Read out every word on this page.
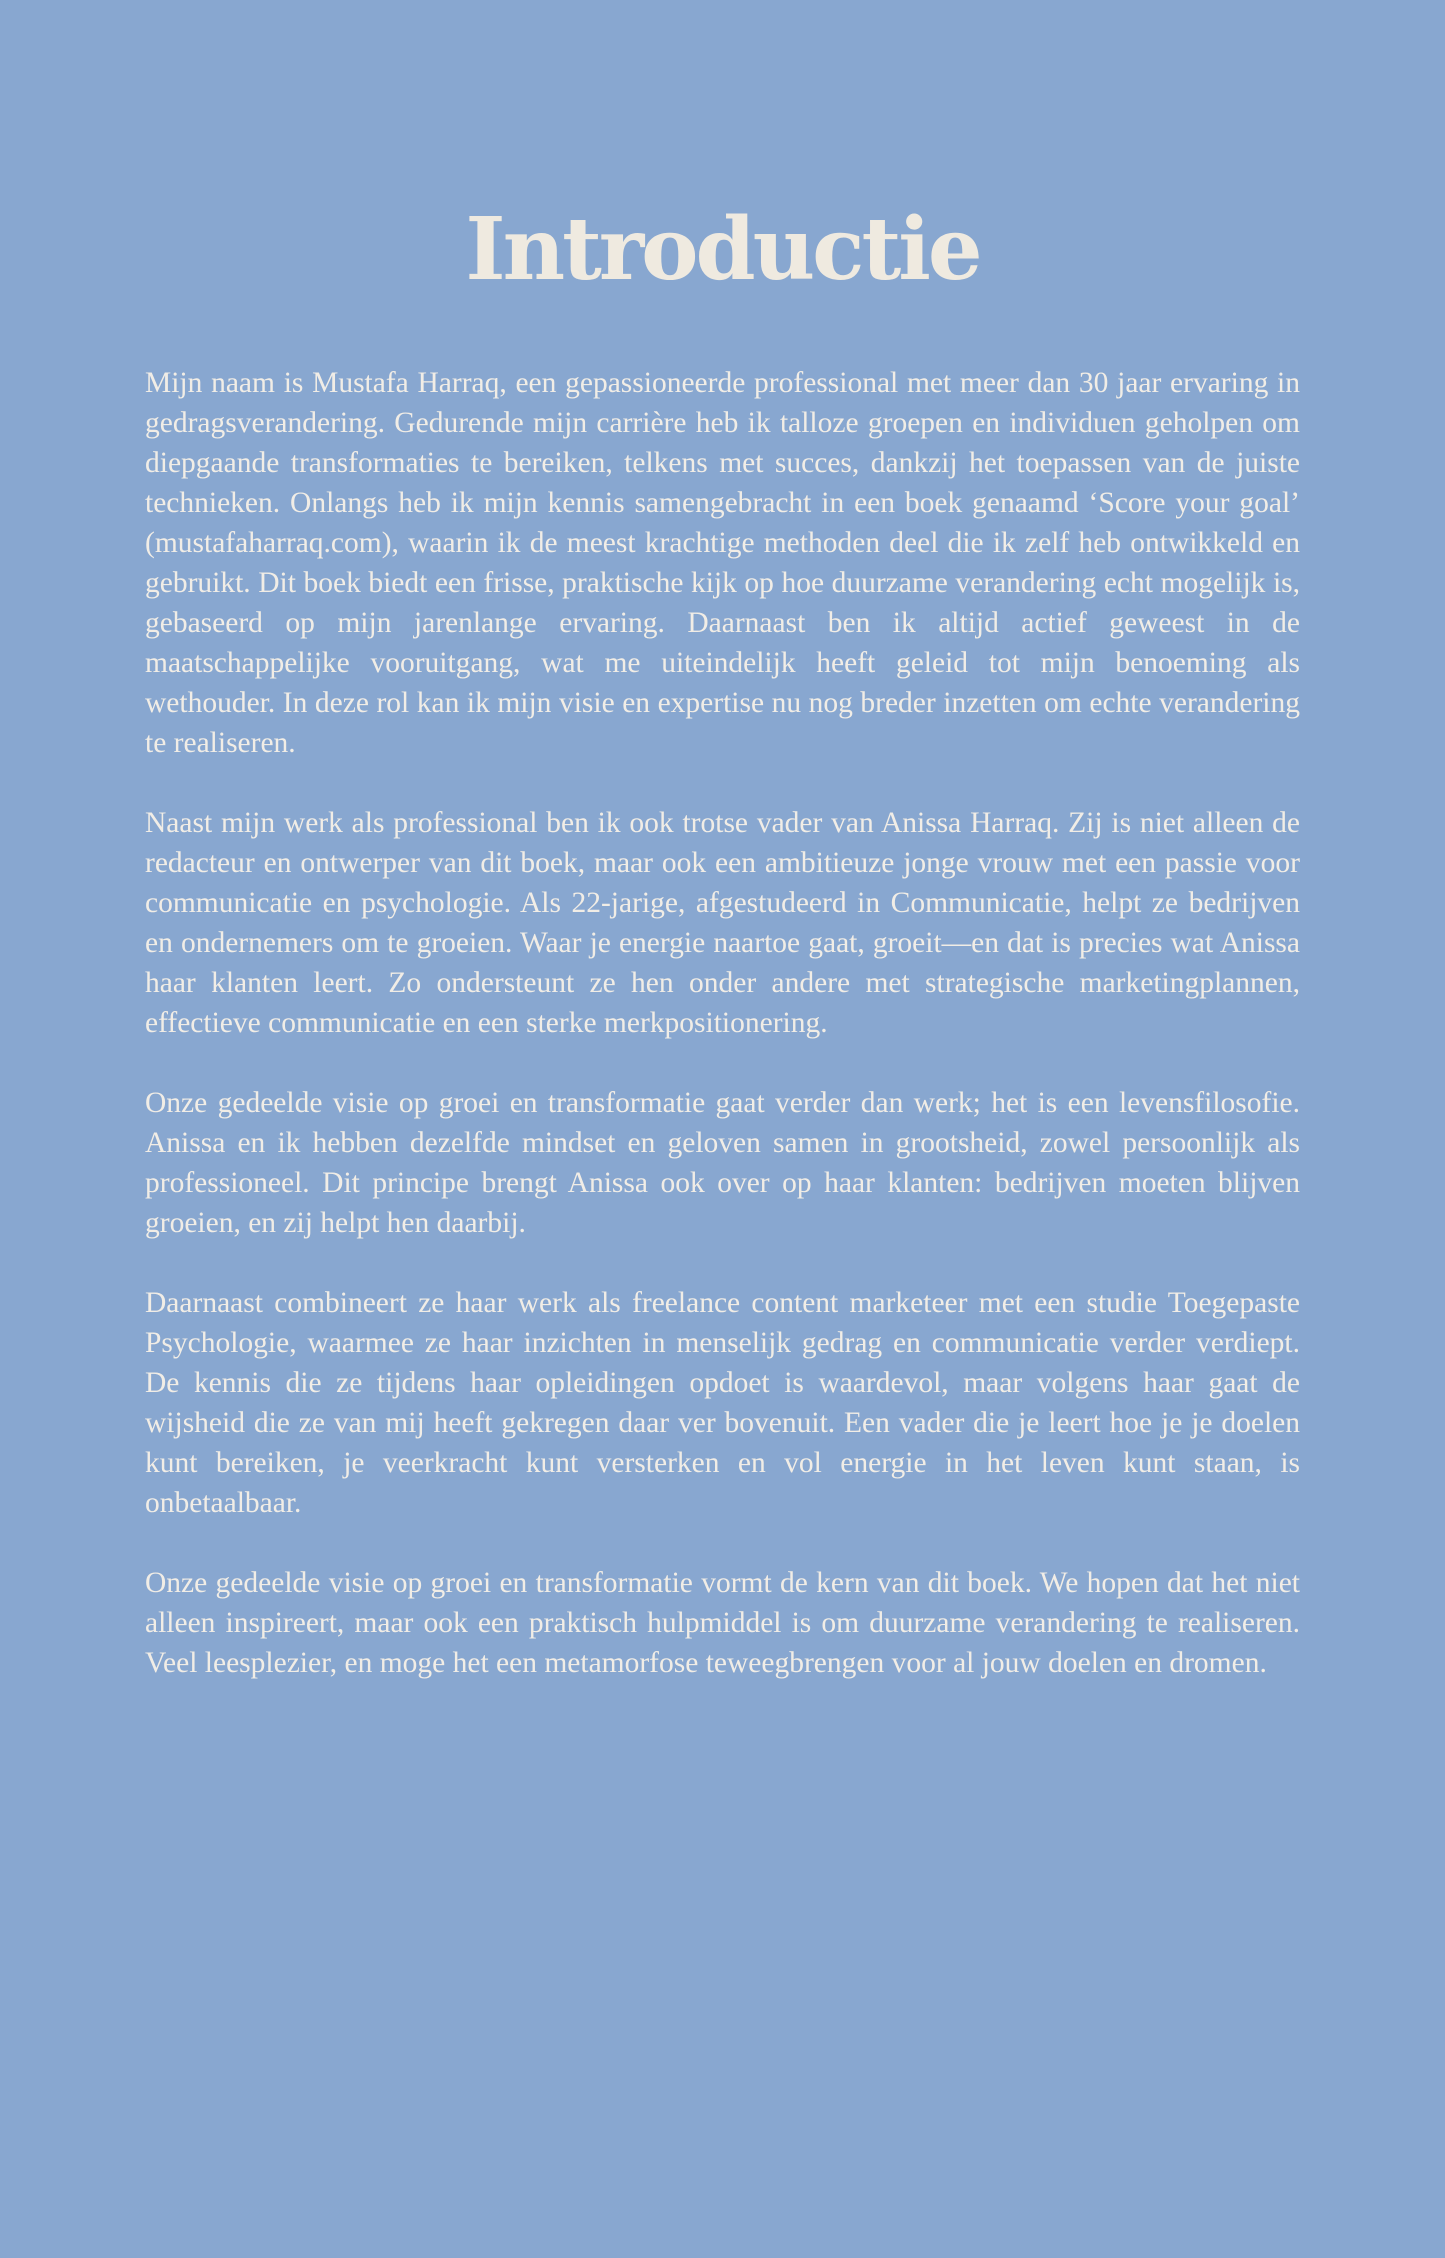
Introductie

Mijn naam is Mustafa Harraq, een gepassioneerde professional met meer dan 30 jaar ervaring in gedragsverandering. Gedurende mijn carrière heb ik talloze groepen en individuen geholpen om diepgaande transformaties te bereiken, telkens met succes, dankzij het toepassen van de juiste technieken. Onlangs heb ik mijn kennis samengebracht in een boek genaamd ‘Score your goal’ (mustafaharraq.com), waarin ik de meest krachtige methoden deel die ik zelf heb ontwikkeld en gebruikt. Dit boek biedt een frisse, praktische kijk op hoe duurzame verandering echt mogelijk is, gebaseerd op mijn jarenlange ervaring. Daarnaast ben ik altijd actief geweest in de maatschappelijke vooruitgang, wat me uiteindelijk heeft geleid tot mijn benoeming als wethouder. In deze rol kan ik mijn visie en expertise nu nog breder inzetten om echte verandering te realiseren.

Naast mijn werk als professional ben ik ook trotse vader van Anissa Harraq. Zij is niet alleen de redacteur en ontwerper van dit boek, maar ook een ambitieuze jonge vrouw met een passie voor communicatie en psychologie. Als 22-jarige, afgestudeerd in Communicatie, helpt ze bedrijven en ondernemers om te groeien. Waar je energie naartoe gaat, groeit—en dat is precies wat Anissa haar klanten leert. Zo ondersteunt ze hen onder andere met strategische marketingplannen, effectieve communicatie en een sterke merkpositionering.

Onze gedeelde visie op groei en transformatie gaat verder dan werk; het is een levensfilosofie. Anissa en ik hebben dezelfde mindset en geloven samen in grootsheid, zowel persoonlijk als professioneel. Dit principe brengt Anissa ook over op haar klanten: bedrijven moeten blijven groeien, en zij helpt hen daarbij.

Daarnaast combineert ze haar werk als freelance content marketeer met een studie Toegepaste Psychologie, waarmee ze haar inzichten in menselijk gedrag en communicatie verder verdiept. De kennis die ze tijdens haar opleidingen opdoet is waardevol, maar volgens haar gaat de wijsheid die ze van mij heeft gekregen daar ver bovenuit. Een vader die je leert hoe je je doelen kunt bereiken, je veerkracht kunt versterken en vol energie in het leven kunt staan, is onbetaalbaar.

Onze gedeelde visie op groei en transformatie vormt de kern van dit boek. We hopen dat het niet alleen inspireert, maar ook een praktisch hulpmiddel is om duurzame verandering te realiseren. Veel leesplezier, en moge het een metamorfose teweegbrengen voor al jouw doelen en dromen.
